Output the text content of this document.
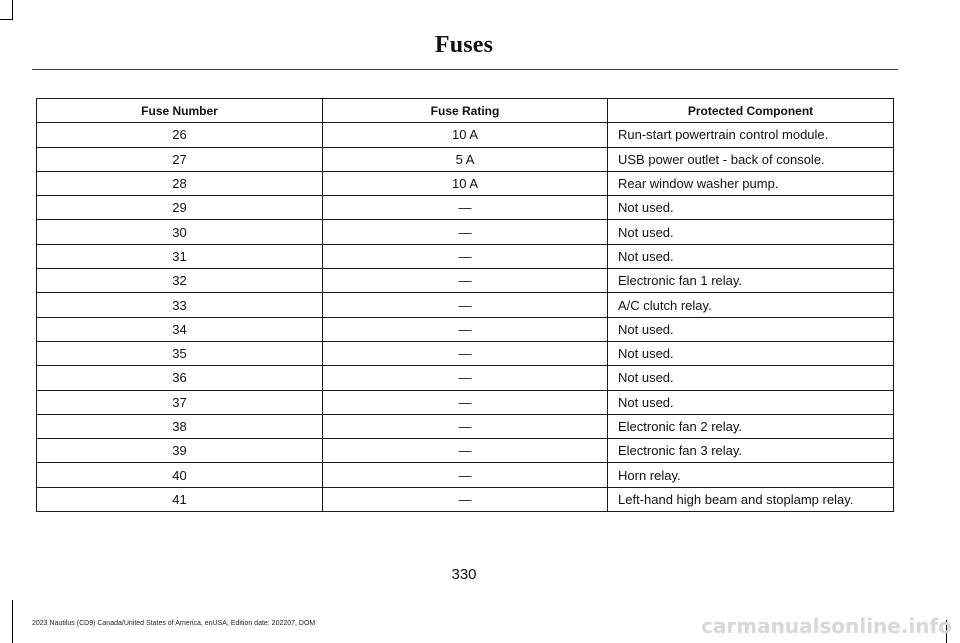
Fuses
Fuse Number	Fuse Rating	Protected Component
26	10 A	Run-start powertrain control module.
27	5 A	USB power outlet - back of console.
28	10 A	Rear window washer pump.
29	—	Not used.
30	—	Not used.
31	—	Not used.
32	—	Electronic fan 1 relay.
33	—	A/C clutch relay.
34	—	Not used.
35	—	Not used.
36	—	Not used.
37	—	Not used.
38	—	Electronic fan 2 relay.
39	—	Electronic fan 3 relay.
40	—	Horn relay.
41	—	Left-hand high beam and stoplamp relay.
330
2023 Nautilus (CD9) Canada/United States of America, enUSA, Edition date: 202207, DOM	carmanualsonline.info
